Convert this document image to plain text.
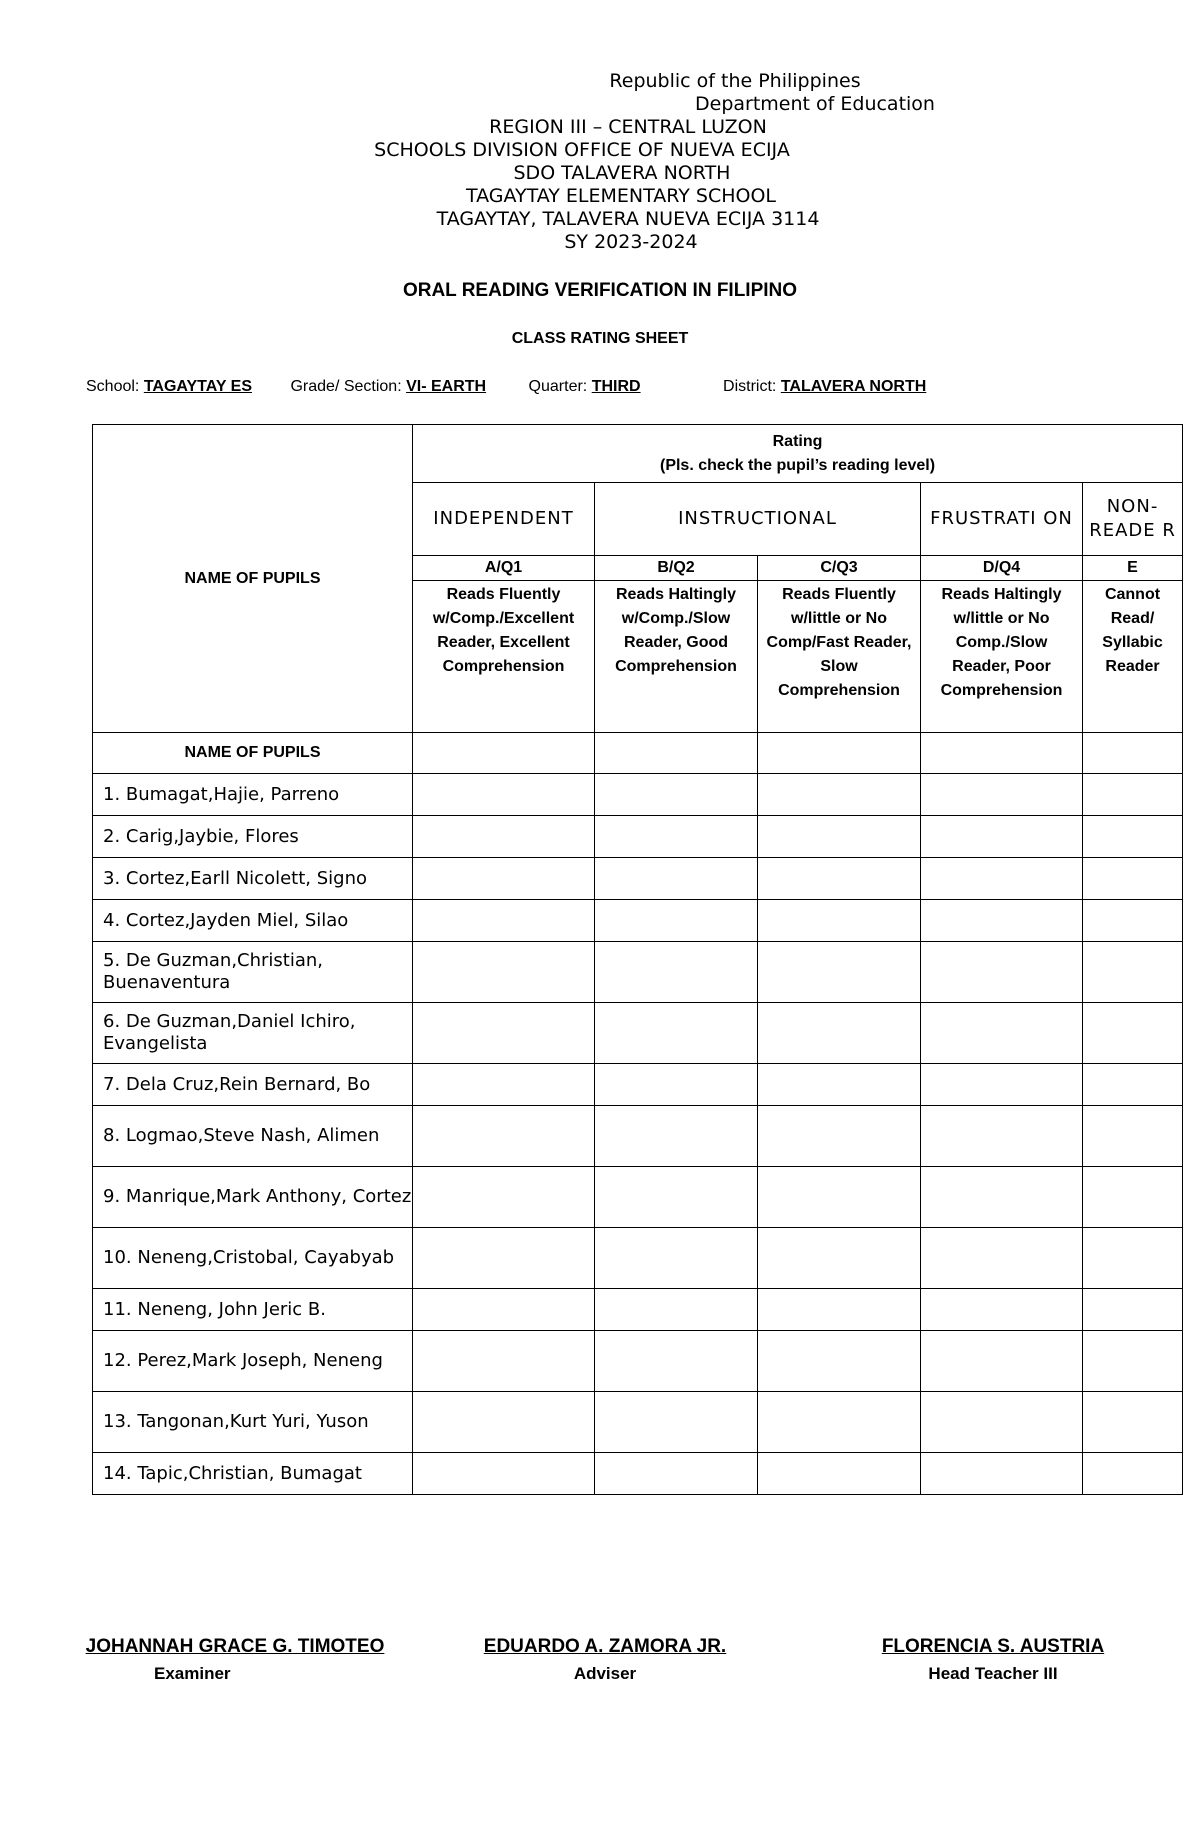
Republic of the Philippines
Department of Education
REGION III – CENTRAL LUZON
SCHOOLS DIVISION OFFICE OF NUEVA ECIJA
SDO TALAVERA NORTH
TAGAYTAY ELEMENTARY SCHOOL
TAGAYTAY, TALAVERA NUEVA ECIJA 3114
SY 2023-2024
ORAL READING VERIFICATION IN FILIPINO
CLASS RATING SHEET
School: TAGAYTAY ES Grade/ Section: VI- EARTH	Quarter: THIRD	District: TALAVERA NORTH
NAME OF PUPILS	Rating
(Pls. check the pupil’s reading level)				

	INDEPENDENT	INSTRUCTIONAL		FRUSTRATI ON	NON-READE R
	A/Q1	B/Q2	C/Q3	D/Q4	E
	Reads Fluently w/Comp./Excellent Reader, Excellent Comprehension	Reads Haltingly w/Comp./Slow Reader, Good Comprehension	Reads Fluently w/little or No Comp/Fast Reader, Slow Comprehension	Reads Haltingly w/little or No Comp./Slow Reader, Poor Comprehension	Cannot Read/ Syllabic Reader
NAME OF PUPILS					
1. Bumagat,Hajie, Parreno					
2. Carig,Jaybie, Flores					
3. Cortez,Earll Nicolett, Signo					
4. Cortez,Jayden Miel, Silao					
5. De Guzman,Christian, Buenaventura					
6. De Guzman,Daniel Ichiro, Evangelista					
7. Dela Cruz,Rein Bernard, Bo					
8. Logmao,Steve Nash, Alimen					
9. Manrique,Mark Anthony, Cortez					
10. Neneng,Cristobal, Cayabyab					
11. Neneng, John Jeric B.					
12. Perez,Mark Joseph, Neneng					
13. Tangonan,Kurt Yuri, Yuson					
14. Tapic,Christian, Bumagat					
JOHANNAH GRACE G. TIMOTEO
Examiner
EDUARDO A. ZAMORA JR.
Adviser
FLORENCIA S. AUSTRIA
Head Teacher III
